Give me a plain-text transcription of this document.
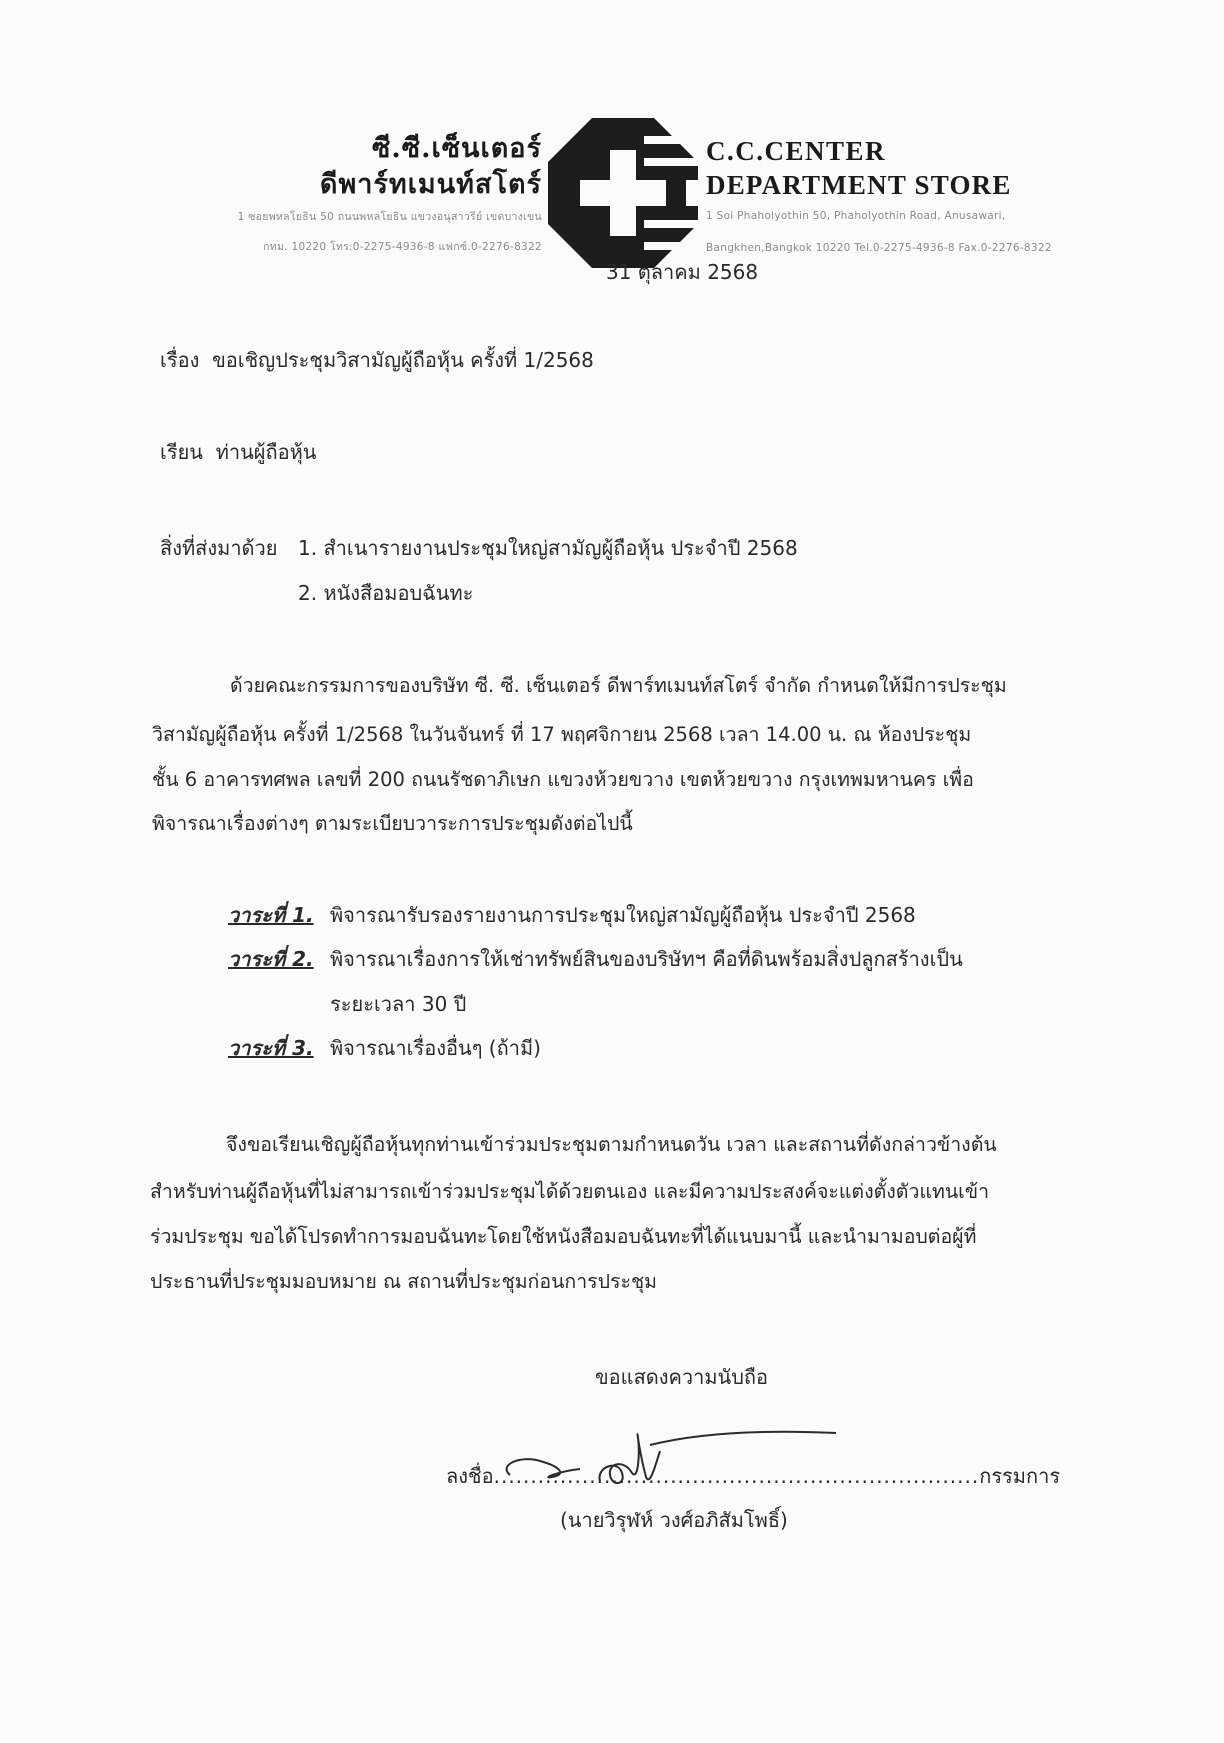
ซี.ซี.เซ็นเตอร์
ดีพาร์ทเมนท์สโตร์
1 ซอยพหลโยธิน 50 ถนนพหลโยธิน แขวงอนุสาวรีย์ เขตบางเขน
กทม. 10220 โทร.0-2275-4936-8 แฟกซ์.0-2276-8322
C.C.CENTER
DEPARTMENT STORE
1 Soi Phaholyothin 50, Phaholyothin Road, Anusawari,
Bangkhen,Bangkok 10220 Tel.0-2275-4936-8 Fax.0-2276-8322
31 ตุลาคม 2568
เรื่อง ขอเชิญประชุมวิสามัญผู้ถือหุ้น ครั้งที่ 1/2568
เรียน ท่านผู้ถือหุ้น
สิ่งที่ส่งมาด้วย 1. สำเนารายงานประชุมใหญ่สามัญผู้ถือหุ้น ประจำปี 2568
2. หนังสือมอบฉันทะ
ด้วยคณะกรรมการของบริษัท ซี. ซี. เซ็นเตอร์ ดีพาร์ทเมนท์สโตร์ จำกัด กำหนดให้มีการประชุม
วิสามัญผู้ถือหุ้น ครั้งที่ 1/2568 ในวันจันทร์ ที่ 17 พฤศจิกายน 2568 เวลา 14.00 น. ณ ห้องประชุม
ชั้น 6 อาคารทศพล เลขที่ 200 ถนนรัชดาภิเษก แขวงห้วยขวาง เขตห้วยขวาง กรุงเทพมหานคร เพื่อ
พิจารณาเรื่องต่างๆ ตามระเบียบวาระการประชุมดังต่อไปนี้
วาระที่ 1. พิจารณารับรองรายงานการประชุมใหญ่สามัญผู้ถือหุ้น ประจำปี 2568
วาระที่ 2. พิจารณาเรื่องการให้เช่าทรัพย์สินของบริษัทฯ คือที่ดินพร้อมสิ่งปลูกสร้างเป็น
ระยะเวลา 30 ปี
วาระที่ 3. พิจารณาเรื่องอื่นๆ (ถ้ามี)
จึงขอเรียนเชิญผู้ถือหุ้นทุกท่านเข้าร่วมประชุมตามกำหนดวัน เวลา และสถานที่ดังกล่าวข้างต้น
สำหรับท่านผู้ถือหุ้นที่ไม่สามารถเข้าร่วมประชุมได้ด้วยตนเอง และมีความประสงค์จะแต่งตั้งตัวแทนเข้า
ร่วมประชุม ขอได้โปรดทำการมอบฉันทะโดยใช้หนังสือมอบฉันทะที่ได้แนบมานี้ และนำมามอบต่อผู้ที่
ประธานที่ประชุมมอบหมาย ณ สถานที่ประชุมก่อนการประชุม
ขอแสดงความนับถือ
ลงชื่อ..................................................................กรรมการ
(นายวิรุฬห์ วงศ์อภิสัมโพธิ์)
